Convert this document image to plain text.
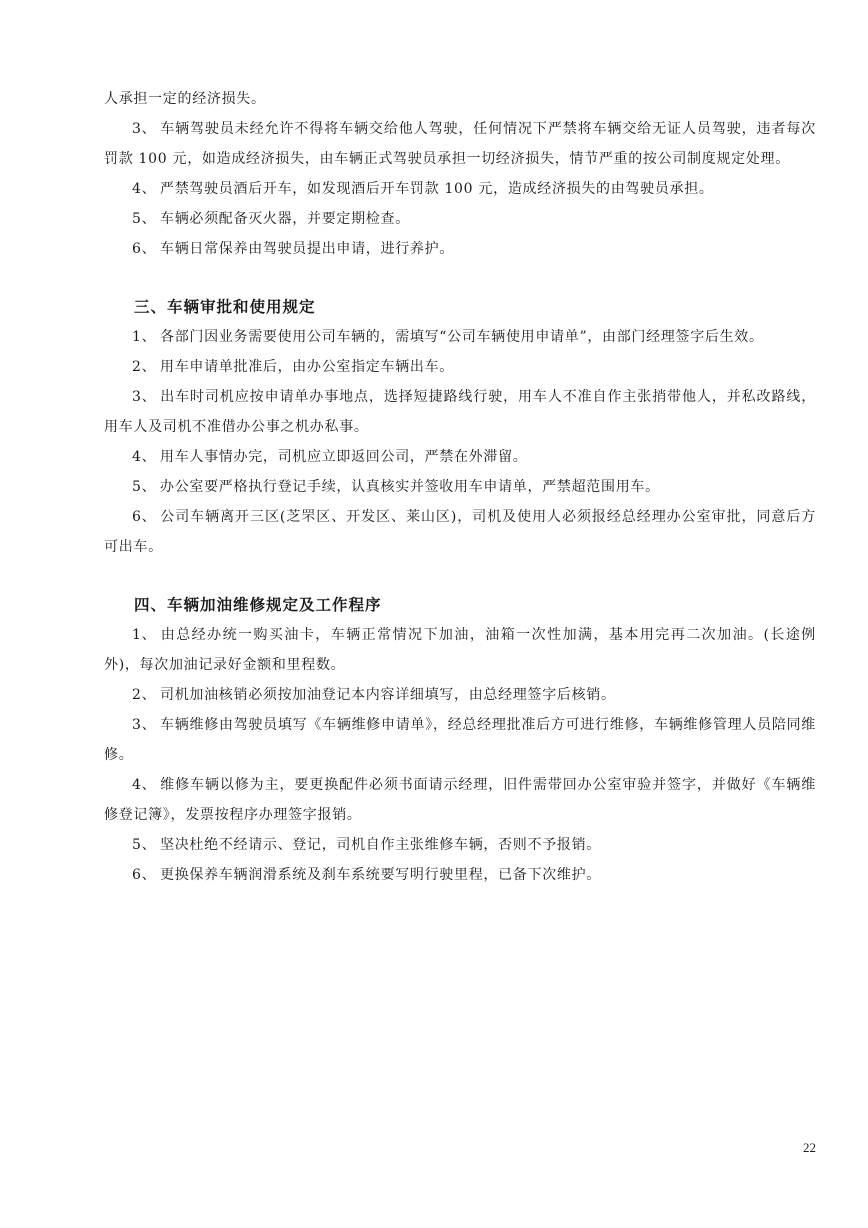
人承担一定的经济损失。

3、 车辆驾驶员未经允许不得将车辆交给他人驾驶，任何情况下严禁将车辆交给无证人员驾驶，违者每次罚款 100 元，如造成经济损失，由车辆正式驾驶员承担一切经济损失，情节严重的按公司制度规定处理。

4、 严禁驾驶员酒后开车，如发现酒后开车罚款 100 元，造成经济损失的由驾驶员承担。

5、 车辆必须配备灭火器，并要定期检查。

6、 车辆日常保养由驾驶员提出申请，进行养护。

三、车辆审批和使用规定

1、 各部门因业务需要使用公司车辆的，需填写“公司车辆使用申请单”，由部门经理签字后生效。

2、 用车申请单批准后，由办公室指定车辆出车。

3、 出车时司机应按申请单办事地点，选择短捷路线行驶，用车人不准自作主张捎带他人，并私改路线，用车人及司机不准借办公事之机办私事。

4、 用车人事情办完，司机应立即返回公司，严禁在外滞留。

5、 办公室要严格执行登记手续，认真核实并签收用车申请单，严禁超范围用车。

6、 公司车辆离开三区(芝罘区、开发区、莱山区)，司机及使用人必须报经总经理办公室审批，同意后方可出车。

四、车辆加油维修规定及工作程序

1、 由总经办统一购买油卡，车辆正常情况下加油，油箱一次性加满，基本用完再二次加油。(长途例外)，每次加油记录好金额和里程数。

2、 司机加油核销必须按加油登记本内容详细填写，由总经理签字后核销。

3、 车辆维修由驾驶员填写《车辆维修申请单》，经总经理批准后方可进行维修，车辆维修管理人员陪同维修。

4、 维修车辆以修为主，要更换配件必须书面请示经理，旧件需带回办公室审验并签字，并做好《车辆维修登记簿》，发票按程序办理签字报销。

5、 坚决杜绝不经请示、登记，司机自作主张维修车辆，否则不予报销。

6、 更换保养车辆润滑系统及刹车系统要写明行驶里程，已备下次维护。

22
